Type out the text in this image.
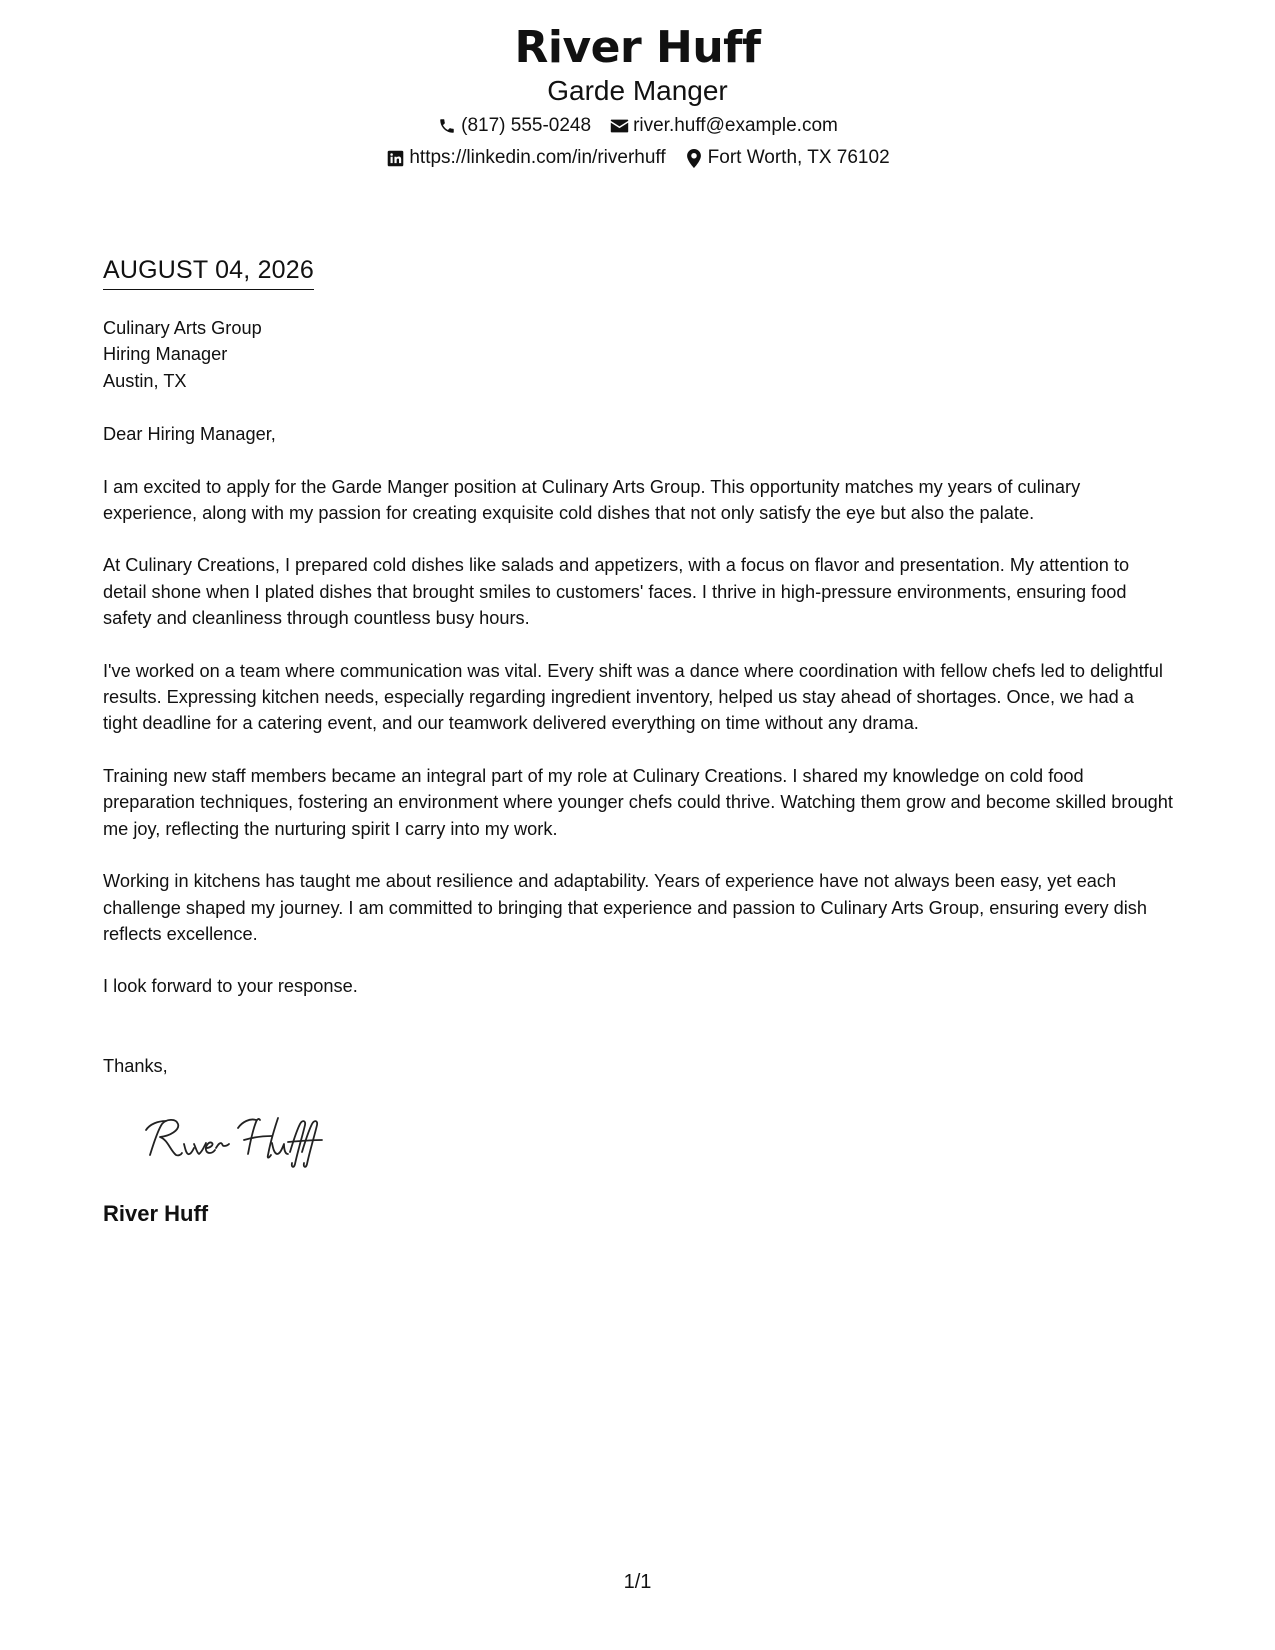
River Huff
Garde Manger
(817) 555-0248 river.huff@example.com
https://linkedin.com/in/riverhuff Fort Worth, TX 76102
AUGUST 04, 2026

Culinary Arts Group

Hiring Manager

Austin, TX

Dear Hiring Manager,

I am excited to apply for the Garde Manger position at Culinary Arts Group. This opportunity matches my years of culinary experience, along with my passion for creating exquisite cold dishes that not only satisfy the eye but also the palate.

At Culinary Creations, I prepared cold dishes like salads and appetizers, with a focus on flavor and presentation. My attention to detail shone when I plated dishes that brought smiles to customers' faces. I thrive in high-pressure environments, ensuring food safety and cleanliness through countless busy hours.

I've worked on a team where communication was vital. Every shift was a dance where coordination with fellow chefs led to delightful results. Expressing kitchen needs, especially regarding ingredient inventory, helped us stay ahead of shortages. Once, we had a tight deadline for a catering event, and our teamwork delivered everything on time without any drama.

Training new staff members became an integral part of my role at Culinary Creations. I shared my knowledge on cold food preparation techniques, fostering an environment where younger chefs could thrive. Watching them grow and become skilled brought me joy, reflecting the nurturing spirit I carry into my work.

Working in kitchens has taught me about resilience and adaptability. Years of experience have not always been easy, yet each challenge shaped my journey. I am committed to bringing that experience and passion to Culinary Arts Group, ensuring every dish reflects excellence.

I look forward to your response.

Thanks,

River Huff
1/1
